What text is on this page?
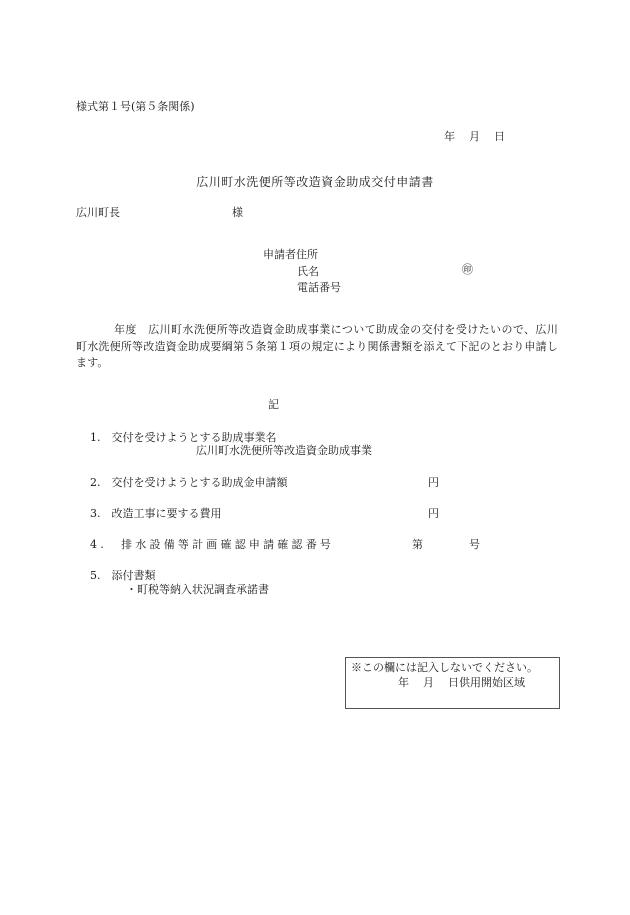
様式第１号(第５条関係)
年 月 日
広川町水洗便所等改造資金助成交付申請書
広川町長	様
申請者住所
氏名	㊞
電話番号
年度　広川町水洗便所等改造資金助成事業について助成金の交付を受けたいので、広川町水洗便所等改造資金助成要綱第５条第１項の規定により関係書類を添えて下記のとおり申請します。
記
1.　交付を受けようとする助成事業名
広川町水洗便所等改造資金助成事業
2.　交付を受けようとする助成金申請額	円
3.　改造工事に要する費用	円
4.　排水設備等計画確認申請確認番号	第	号
5.　添付書類
・町税等納入状況調査承諾書
※この欄には記入しないでください。
年 月 日供用開始区域
